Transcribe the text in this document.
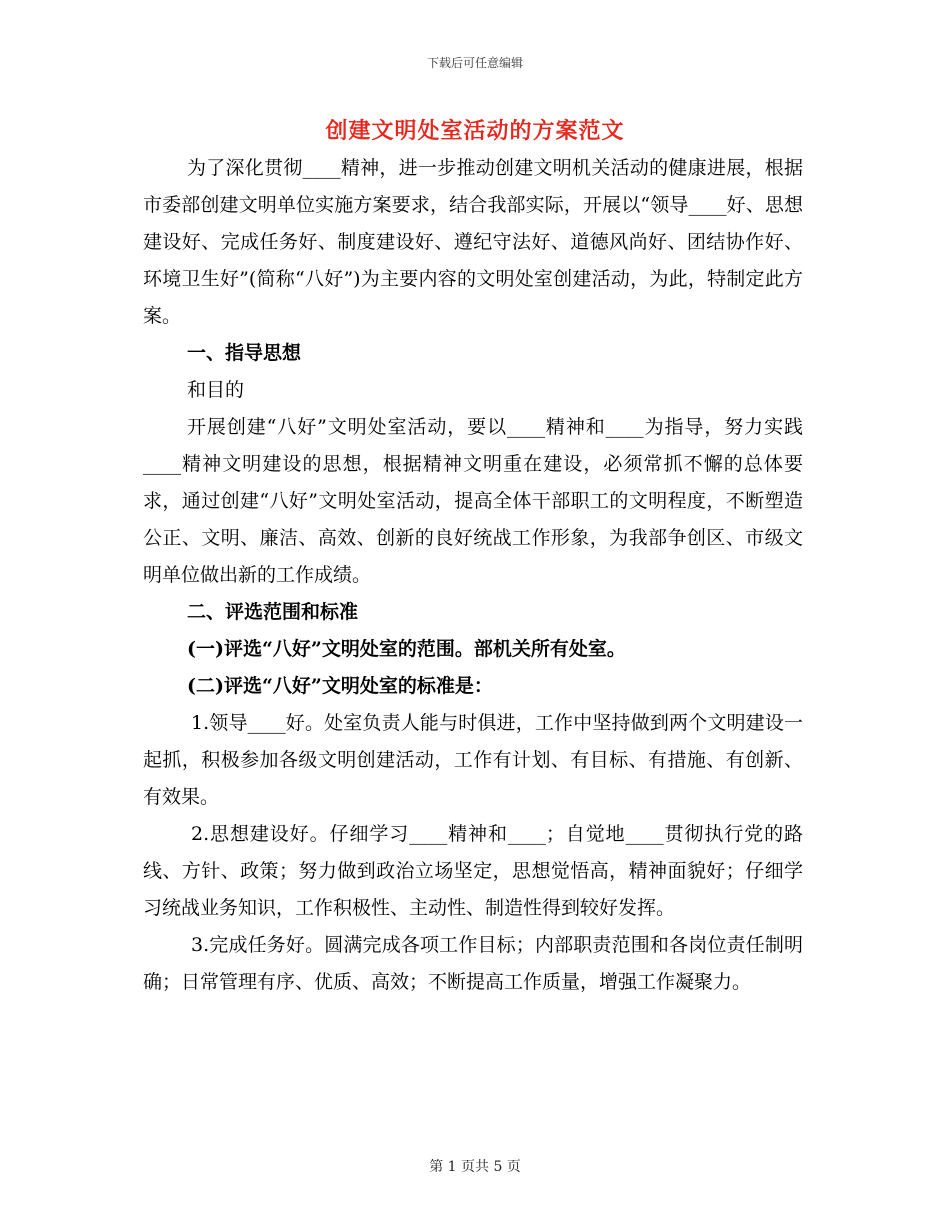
下载后可任意编辑
创建文明处室活动的方案范文

为了深化贯彻____精神，进一步推动创建文明机关活动的健康进展，根据市委部创建文明单位实施方案要求，结合我部实际，开展以“领导____好、思想建设好、完成任务好、制度建设好、遵纪守法好、道德风尚好、团结协作好、环境卫生好”(简称“八好”)为主要内容的文明处室创建活动，为此，特制定此方案。

一、指导思想

和目的

开展创建“八好”文明处室活动，要以____精神和____为指导，努力实践____精神文明建设的思想，根据精神文明重在建设，必须常抓不懈的总体要求，通过创建“八好”文明处室活动，提高全体干部职工的文明程度，不断塑造公正、文明、廉洁、高效、创新的良好统战工作形象，为我部争创区、市级文明单位做出新的工作成绩。

二、评选范围和标准

(一)评选“八好”文明处室的范围。部机关所有处室。

(二)评选“八好”文明处室的标准是：

1.领导____好。处室负责人能与时俱进，工作中坚持做到两个文明建设一起抓，积极参加各级文明创建活动，工作有计划、有目标、有措施、有创新、有效果。

2.思想建设好。仔细学习____精神和____；自觉地____贯彻执行党的路线、方针、政策；努力做到政治立场坚定，思想觉悟高，精神面貌好；仔细学习统战业务知识，工作积极性、主动性、制造性得到较好发挥。

3.完成任务好。圆满完成各项工作目标；内部职责范围和各岗位责任制明确；日常管理有序、优质、高效；不断提高工作质量，增强工作凝聚力。

第 1 页共 5 页
